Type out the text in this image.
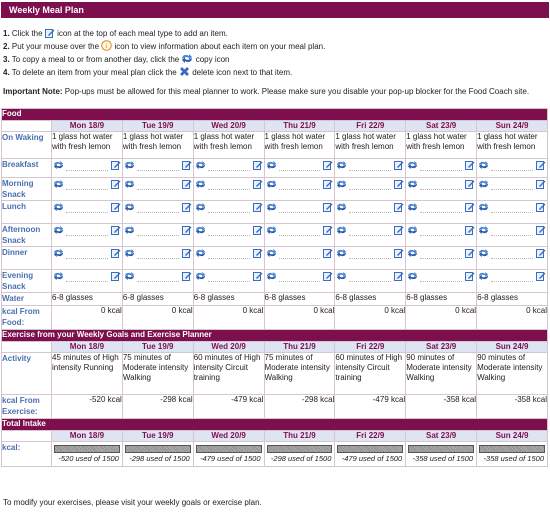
Weekly Meal Plan
1. Click the icon at the top of each meal type to add an item.
2. Put your mouse over the i icon to view information about each item on your meal plan.
3. To copy a meal to or from another day, click the copy icon
4. To delete an item from your meal plan click the delete icon next to that item.
Important Note: Pop-ups must be allowed for this meal planner to work. Please make sure you disable your pop-up blocker for the Food Coach site.
Food							
	Mon 18/9	Tue 19/9	Wed 20/9	Thu 21/9	Fri 22/9	Sat 23/9	Sun 24/9
On Waking	1 glass hot water with fresh lemon	1 glass hot water with fresh lemon	1 glass hot water with fresh lemon	1 glass hot water with fresh lemon	1 glass hot water with fresh lemon	1 glass hot water with fresh lemon	1 glass hot water with fresh lemon
Breakfast	

Morning Snack	

Lunch	

Afternoon Snack	

Dinner	

Evening Snack	

Water	6-8 glasses	6-8 glasses	6-8 glasses	6-8 glasses	6-8 glasses	6-8 glasses	6-8 glasses
kcal From Food:	0 kcal	0 kcal	0 kcal	0 kcal	0 kcal	0 kcal	0 kcal
Exercise from your Weekly Goals and Exercise Planner							
	Mon 18/9	Tue 19/9	Wed 20/9	Thu 21/9	Fri 22/9	Sat 23/9	Sun 24/9
Activity	45 minutes of High intensity Running	75 minutes of Moderate intensity Walking	60 minutes of High intensity Circuit training	75 minutes of Moderate intensity Walking	60 minutes of High intensity Circuit training	90 minutes of Moderate intensity Walking	90 minutes of Moderate intensity Walking
kcal From Exercise:	-520 kcal	-298 kcal	-479 kcal	-298 kcal	-479 kcal	-358 kcal	-358 kcal
Total Intake							
	Mon 18/9	Tue 19/9	Wed 20/9	Thu 21/9	Fri 22/9	Sat 23/9	Sun 24/9
kcal:	-520 used of 1500	-298 used of 1500	-479 used of 1500	-298 used of 1500	-479 used of 1500	-358 used of 1500	-358 used of 1500
To modify your exercises, please visit your weekly goals or exercise plan.
